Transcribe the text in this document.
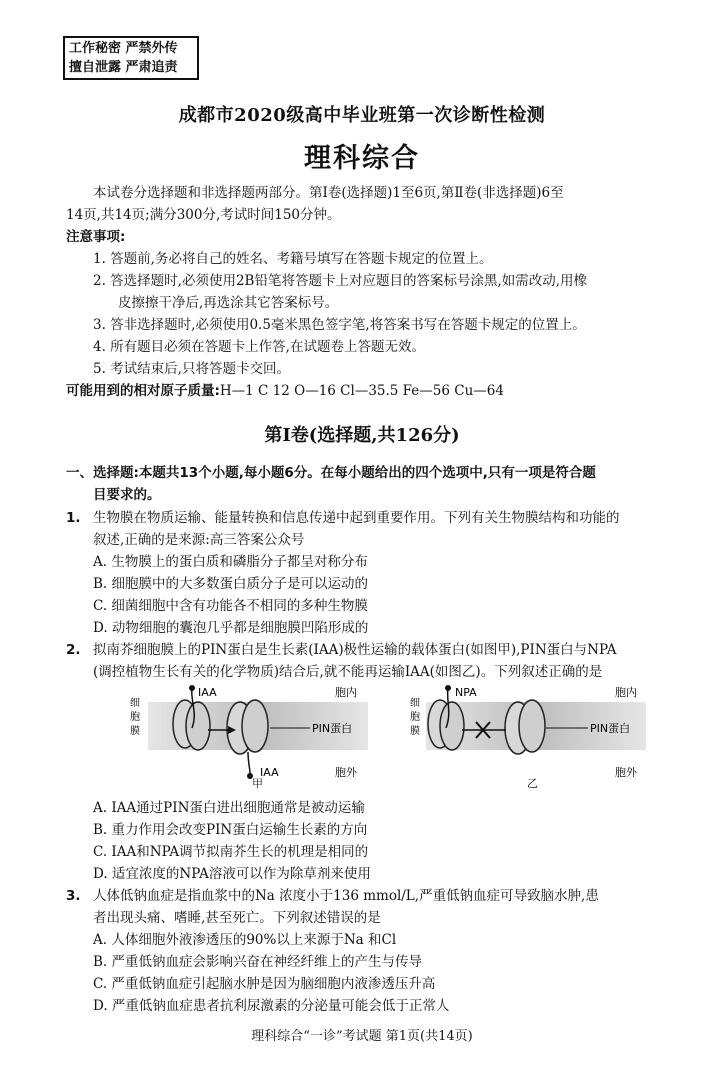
工作秘密 严禁外传
擅自泄露 严肃追责
成都市2020级高中毕业班第一次诊断性检测
理科综合
本试卷分选择题和非选择题两部分。第Ⅰ卷(选择题)1至6页,第Ⅱ卷(非选择题)6至
14页,共14页;满分300分,考试时间150分钟。
注意事项:
1. 答题前,务必将自己的姓名、考籍号填写在答题卡规定的位置上。
2. 答选择题时,必须使用2B铅笔将答题卡上对应题目的答案标号涂黑,如需改动,用橡
皮擦擦干净后,再选涂其它答案标号。
3. 答非选择题时,必须使用0.5毫米黑色签字笔,将答案书写在答题卡规定的位置上。
4. 所有题目必须在答题卡上作答,在试题卷上答题无效。
5. 考试结束后,只将答题卡交回。
可能用到的相对原子质量:H—1 C 12 O—16 Cl—35.5 Fe—56 Cu—64
第Ⅰ卷(选择题,共126分)
一、选择题:本题共13个小题,每小题6分。在每小题给出的四个选项中,只有一项是符合题
目要求的。
1. 生物膜在物质运输、能量转换和信息传递中起到重要作用。下列有关生物膜结构和功能的
叙述,正确的是来源:高三答案公众号
A. 生物膜上的蛋白质和磷脂分子都呈对称分布
B. 细胞膜中的大多数蛋白质分子是可以运动的
C. 细菌细胞中含有功能各不相同的多种生物膜
D. 动物细胞的囊泡几乎都是细胞膜凹陷形成的
2. 拟南芥细胞膜上的PIN蛋白是生长素(IAA)极性运输的载体蛋白(如图甲),PIN蛋白与NPA
(调控植物生长有关的化学物质)结合后,就不能再运输IAA(如图乙)。下列叙述正确的是
IAA	胞内
细
胞
膜	PIN蛋白
IAA	胞外
NPA	胞内
细
胞
膜	PIN蛋白
胞外
甲	乙
A. IAA通过PIN蛋白进出细胞通常是被动运输
B. 重力作用会改变PIN蛋白运输生长素的方向
C. IAA和NPA调节拟南芥生长的机理是相同的
D. 适宜浓度的NPA溶液可以作为除草剂来使用
3. 人体低钠血症是指血浆中的Na 浓度小于136 mmol/L,严重低钠血症可导致脑水肿,患
者出现头痛、嗜睡,甚至死亡。下列叙述错误的是
A. 人体细胞外液渗透压的90%以上来源于Na 和Cl
B. 严重低钠血症会影响兴奋在神经纤维上的产生与传导
C. 严重低钠血症引起脑水肿是因为脑细胞内液渗透压升高
D. 严重低钠血症患者抗利尿激素的分泌量可能会低于正常人
理科综合“一诊”考试题 第1页(共14页)
